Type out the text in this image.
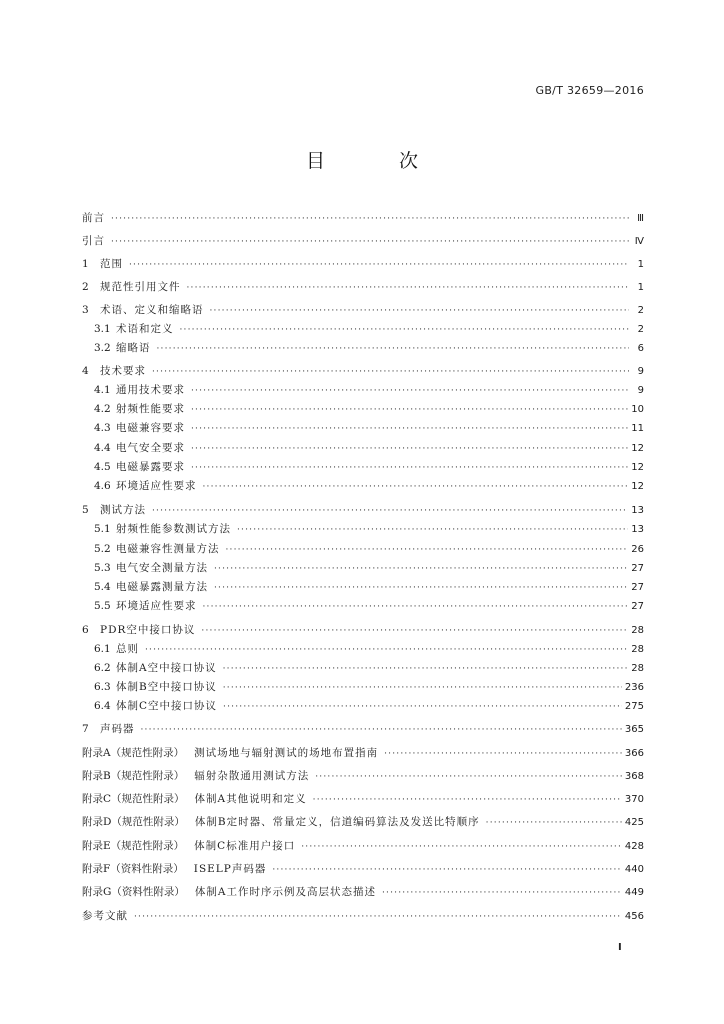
GB/T 32659—2016
目 次
前言 ·····	Ⅲ
引言 ·····	Ⅳ
1	范围 ·····	1
2	规范性引用文件 ·····	1
3	术语、定义和缩略语 ·····	2
3.1 术语和定义 ·····	2
3.2 缩略语 ·····	6
4	技术要求 ·····	9
4.1 通用技术要求 ·····	9
4.2 射频性能要求 ·····	10
4.3 电磁兼容要求 ·····	11
4.4 电气安全要求 ·····	12
4.5 电磁暴露要求 ·····	12
4.6 环境适应性要求 ·····	12
5	测试方法 ·····	13
5.1 射频性能参数测试方法 ·····	13
5.2 电磁兼容性测量方法 ·····	26
5.3 电气安全测量方法 ·····	27
5.4 电磁暴露测量方法 ·····	27
5.5 环境适应性要求 ·····	27
6	PDR空中接口协议 ·····	28
6.1 总则 ·····	28
6.2 体制A空中接口协议 ·····	28
6.3 体制B空中接口协议 ·····	236
6.4 体制C空中接口协议 ·····	275
7	声码器 ·····	365
附录A（规范性附录） 测试场地与辐射测试的场地布置指南 ·····	366
附录B（规范性附录） 辐射杂散通用测试方法 ·····	368
附录C（规范性附录） 体制A其他说明和定义 ·····	370
附录D（规范性附录） 体制B定时器、常量定义，信道编码算法及发送比特顺序 ·····	425
附录E（规范性附录） 体制C标准用户接口 ·····	428
附录F（资料性附录） ISELP声码器 ·····	440
附录G（资料性附录） 体制A工作时序示例及高层状态描述 ·····	449
参考文献 ·····	456
I
